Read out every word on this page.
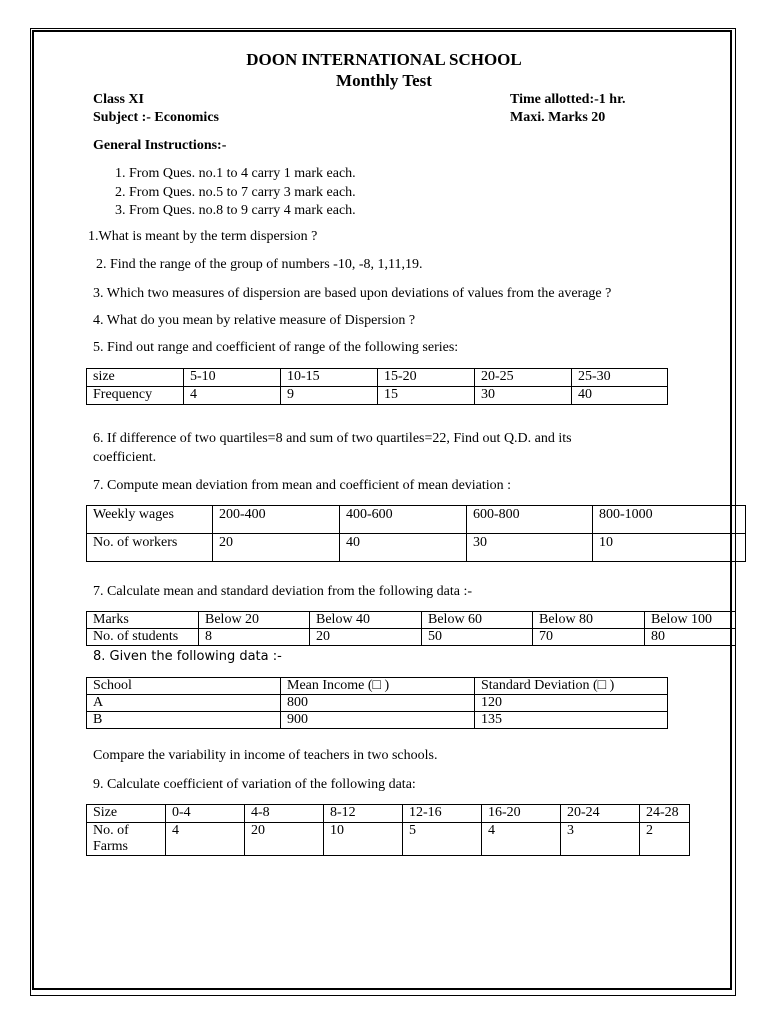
DOON INTERNATIONAL SCHOOL
Monthly Test
Class XI
Subject :- Economics
Time allotted:-1 hr.
Maxi. Marks 20
General Instructions:-
1. From Ques. no.1 to 4 carry 1 mark each.
2. From Ques. no.5 to 7 carry 3 mark each.
3. From Ques. no.8 to 9 carry 4 mark each.
1.What is meant by the term dispersion ?
2. Find the range of the group of numbers -10, -8, 1,11,19.
3. Which two measures of dispersion are based upon deviations of values from the average ?
4. What do you mean by relative measure of Dispersion ?
5. Find out range and coefficient of range of the following series:
size	5-10	10-15	15-20	20-25	25-30
Frequency	4	9	15	30	40
6. If difference of two quartiles=8 and sum of two quartiles=22, Find out Q.D. and its
coefficient.
7. Compute mean deviation from mean and coefficient of mean deviation :
Weekly wages	200-400	400-600	600-800	800-1000
No. of workers	20	40	30	10
7. Calculate mean and standard deviation from the following data :-
Marks	Below 20	Below 40	Below 60	Below 80	Below 100
No. of students	8	20	50	70	80
8. Given the following data :-
School	Mean Income (□ )	Standard Deviation (□ )
A	800	120
B	900	135
Compare the variability in income of teachers in two schools.
9. Calculate coefficient of variation of the following data:
Size	0-4	4-8	8-12	12-16	16-20	20-24	24-28
No. of Farms	4	20	10	5	4	3	2
